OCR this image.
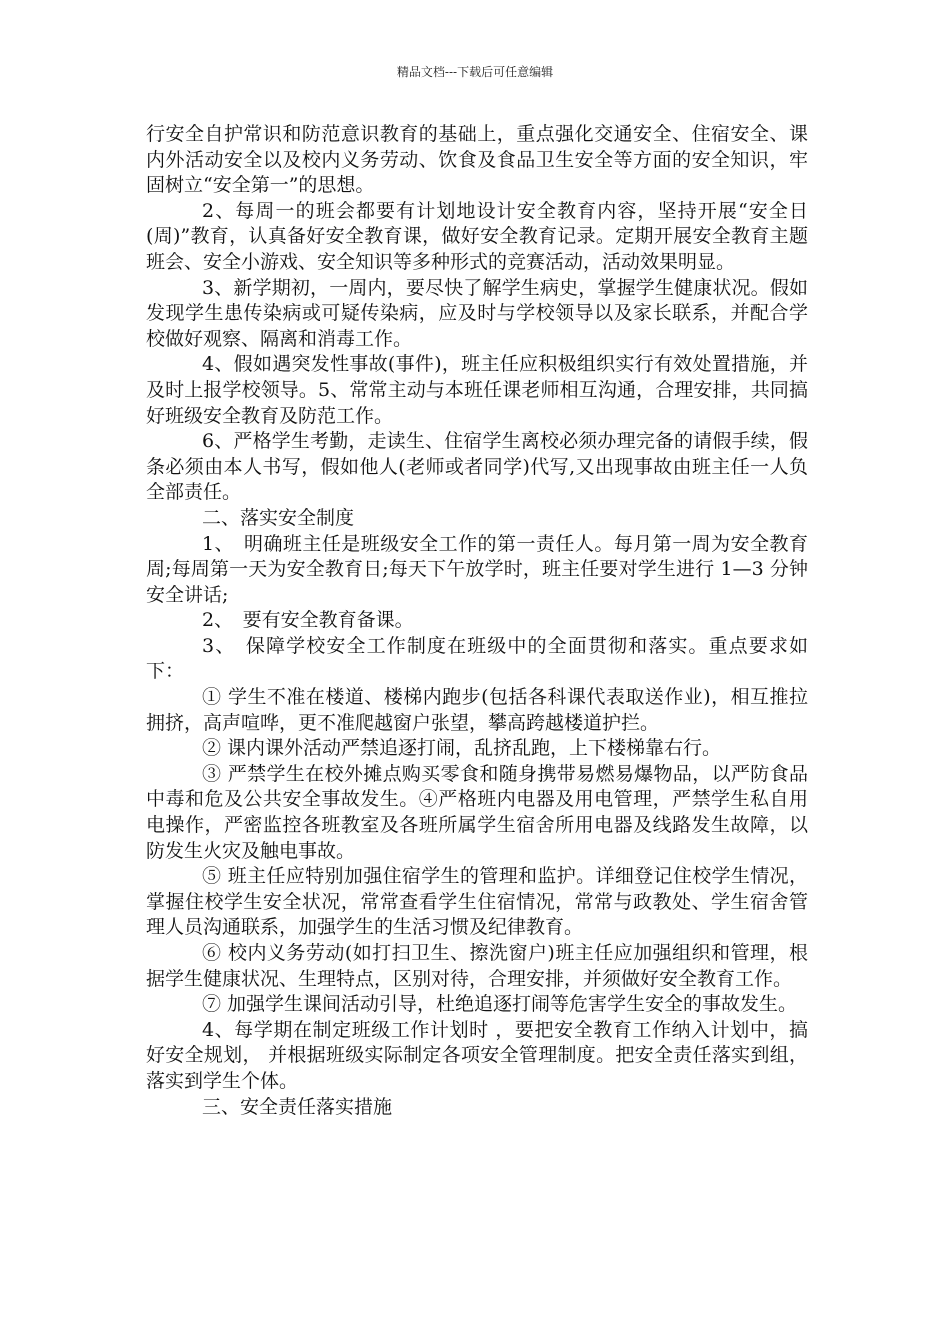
精品文档---下载后可任意编辑

行安全自护常识和防范意识教育的基础上，重点强化交通安全、住宿安全、课内外活动安全以及校内义务劳动、饮食及食品卫生安全等方面的安全知识，牢固树立“安全第一”的思想。

2、每周一的班会都要有计划地设计安全教育内容，坚持开展“安全日(周)”教育，认真备好安全教育课，做好安全教育记录。定期开展安全教育主题班会、安全小游戏、安全知识等多种形式的竞赛活动，活动效果明显。

3、新学期初，一周内，要尽快了解学生病史，掌握学生健康状况。假如发现学生患传染病或可疑传染病，应及时与学校领导以及家长联系，并配合学校做好观察、隔离和消毒工作。

4、假如遇突发性事故(事件)，班主任应积极组织实行有效处置措施，并及时上报学校领导。5、常常主动与本班任课老师相互沟通，合理安排，共同搞好班级安全教育及防范工作。

6、严格学生考勤，走读生、住宿学生离校必须办理完备的请假手续，假条必须由本人书写，假如他人(老师或者同学)代写,又出现事故由班主任一人负全部责任。

二、落实安全制度

1、　明确班主任是班级安全工作的第一责任人。每月第一周为安全教育周;每周第一天为安全教育日;每天下午放学时，班主任要对学生进行 1—3 分钟安全讲话;

2、　要有安全教育备课。

3、　保障学校安全工作制度在班级中的全面贯彻和落实。重点要求如下：

① 学生不准在楼道、楼梯内跑步(包括各科课代表取送作业)，相互推拉拥挤，高声喧哗，更不准爬越窗户张望，攀高跨越楼道护拦。

② 课内课外活动严禁追逐打闹，乱挤乱跑，上下楼梯靠右行。

③ 严禁学生在校外摊点购买零食和随身携带易燃易爆物品，以严防食品中毒和危及公共安全事故发生。④严格班内电器及用电管理，严禁学生私自用电操作，严密监控各班教室及各班所属学生宿舍所用电器及线路发生故障，以防发生火灾及触电事故。

⑤ 班主任应特别加强住宿学生的管理和监护。详细登记住校学生情况，掌握住校学生安全状况，常常查看学生住宿情况，常常与政教处、学生宿舍管理人员沟通联系，加强学生的生活习惯及纪律教育。

⑥ 校内义务劳动(如打扫卫生、擦洗窗户)班主任应加强组织和管理，根据学生健康状况、生理特点，区别对待，合理安排，并须做好安全教育工作。

⑦ 加强学生课间活动引导，杜绝追逐打闹等危害学生安全的事故发生。

4、每学期在制定班级工作计划时 ，要把安全教育工作纳入计划中，搞好安全规划， 并根据班级实际制定各项安全管理制度。把安全责任落实到组，落实到学生个体。

三、安全责任落实措施
